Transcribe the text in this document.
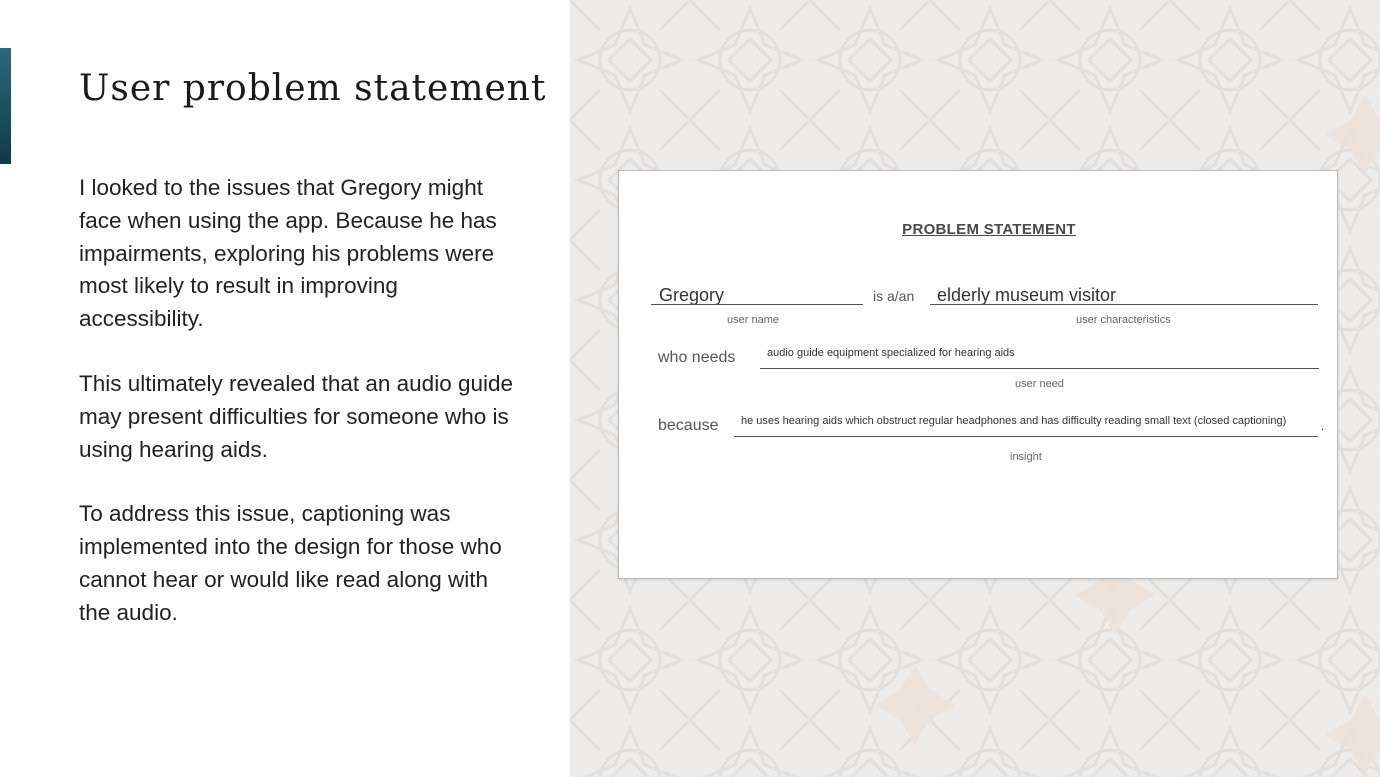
User problem statement

I looked to the issues that Gregory might face when using the app. Because he has impairments, exploring his problems were most likely to result in improving accessibility.

This ultimately revealed that an audio guide may present difficulties for someone who is using hearing aids.

To address this issue, captioning was implemented into the design for those who cannot hear or would like read along with the audio.

PROBLEM STATEMENT
Gregory
user name
is a/an elderly museum visitor
user characteristics
who needs	audio guide equipment specialized for hearing aids
user need
because he uses hearing aids which obstruct regular headphones and has difficulty reading small text (closed captioning)	.
insight
